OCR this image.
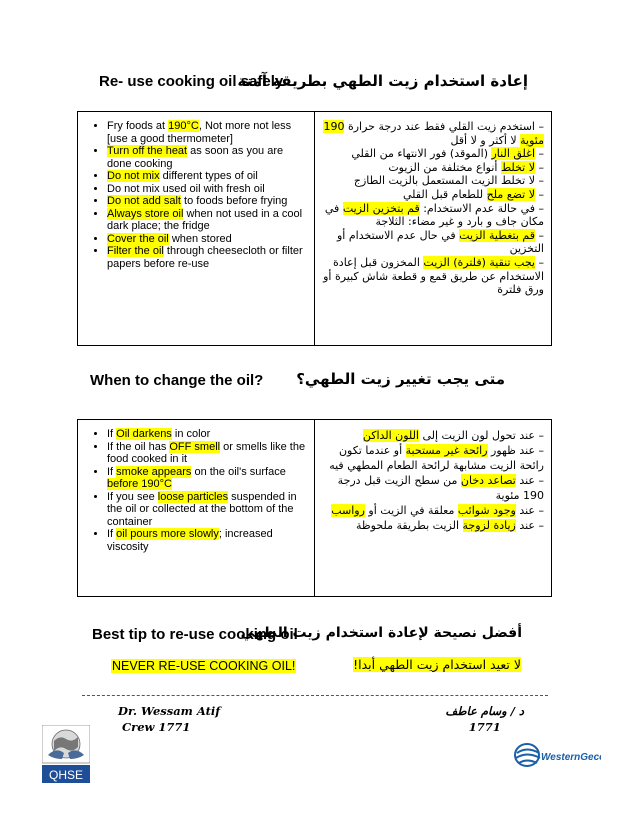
Re- use cooking oil safely
إعادة استخدام زيت الطهي بطريقة آمنة
• Fry foods at 190°C, Not more not less [use a good thermometer]
• Turn off the heat as soon as you are done cooking
• Do not mix different types of oil
• Do not mix used oil with fresh oil
• Do not add salt to foods before frying
• Always store oil when not used in a cool dark place; the fridge
• Cover the oil when stored
• Filter the oil through cheesecloth or filter papers before re-use

– استخدم زيت القلي فقط عند درجة حرارة 190 مئوية لا أكثر و لا أقل

– اغلق النار (الموقد) فور الانتهاء من القلي

– لا تخلط أنواع مختلفة من الزيوت

– لا تخلط الزيت المستعمل بالزيت الطازج

– لا تضع ملح للطعام قبل القلي

– في حالة عدم الاستخدام: قم بتخزين الزيت في مكان جاف و بارد و غير مضاء: الثلاجة

– قم بتغطية الزيت في حال عدم الاستخدام أو التخزين

– يجب تنقية (فلترة) الزيت المخزون قبل إعادة الاستخدام عن طريق قمع و قطعة شاش كبيرة أو ورق فلترة

When to change the oil? متى يجب تغيير زيت الطهي؟
• If Oil darkens in color
• If the oil has OFF smell or smells like the food cooked in it
• If smoke appears on the oil's surface before 190°C
• If you see loose particles suspended in the oil or collected at the bottom of the container
• If oil pours more slowly; increased viscosity

– عند تحول لون الزيت إلى اللون الداكن

– عند ظهور رائحة غير مستحبة أو عندما تكون رائحة الزيت مشابهة لرائحة الطعام المطهي فيه

– عند تصاعد دخان من سطح الزيت قبل درجة 190 مئوية

– عند وجود شوائب معلقة في الزيت أو رواسب

– عند زيادة لزوجة الزيت بطريقة ملحوظة

Best tip to re-use cooking oil
أفضل نصيحة لإعادة استخدام زيت الطهي
NEVER RE-USE COOKING OIL!	لا تعيد استخدام زيت الطهي أبدا!
Dr. Wessam Atif
Crew 1771
د / وسام عاطف
1771
QHSE
WesternGeco
